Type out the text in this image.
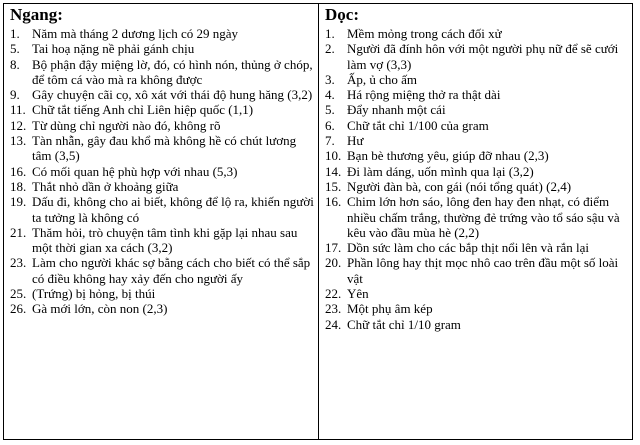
Ngang:
1. Năm mà tháng 2 dương lịch có 29 ngày
5. Tai hoạ nặng nề phải gánh chịu
8. Bộ phận đậy miệng lờ, đó, có hình nón, thủng ở chóp, để tôm cá vào mà ra không được
9. Gây chuyện cãi cọ, xô xát với thái độ hung hăng (3,2)
11. Chữ tắt tiếng Anh chỉ Liên hiệp quốc (1,1)
12. Từ dùng chỉ người nào đó, không rõ
13. Tàn nhẫn, gây đau khổ mà không hề có chút lương tâm (3,5)
16. Có mối quan hệ phù hợp với nhau (5,3)
18. Thắt nhỏ dần ở khoảng giữa
19. Dấu đi, không cho ai biết, không để lộ ra, khiến người ta tưởng là không có
21. Thăm hỏi, trò chuyện tâm tình khi gặp lại nhau sau một thời gian xa cách (3,2)
23. Làm cho người khác sợ bằng cách cho biết có thể sắp có điều không hay xảy đến cho người ấy
25. (Trứng) bị hỏng, bị thúi
26. Gà mới lớn, còn non (2,3)
Dọc:
1. Mềm mỏng trong cách đối xử
2. Người đã đính hôn với một người phụ nữ để sẽ cưới làm vợ (3,3)
3. Ấp, ủ cho ấm
4. Há rộng miệng thở ra thật dài
5. Đẩy nhanh một cái
6. Chữ tắt chỉ 1/100 của gram
7. Hư
10. Bạn bè thương yêu, giúp đỡ nhau (2,3)
14. Đi làm dáng, uốn mình qua lại (3,2)
15. Người đàn bà, con gái (nói tổng quát) (2,4)
16. Chim lớn hơn sáo, lông đen hay đen nhạt, có điểm nhiều chấm trắng, thường đẻ trứng vào tổ sáo sậu và kêu vào đầu mùa hè (2,2)
17. Dồn sức làm cho các bắp thịt nổi lên và rắn lại
20. Phần lông hay thịt mọc nhô cao trên đầu một số loài vật
22. Yên
23. Một phụ âm kép
24. Chữ tắt chỉ 1/10 gram
